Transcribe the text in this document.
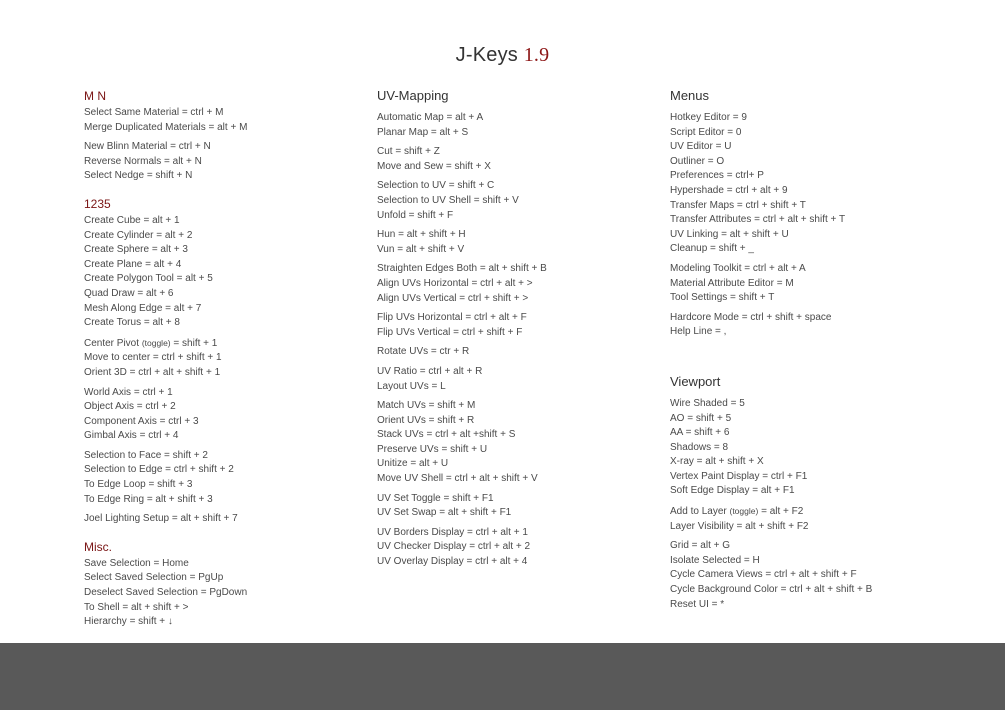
J-Keys 1.9
M N
Select Same Material = ctrl + M
Merge Duplicated Materials = alt + M
New Blinn Material = ctrl + N
Reverse Normals = alt + N
Select Nedge = shift + N
1235
Create Cube = alt + 1
Create Cylinder = alt + 2
Create Sphere = alt + 3
Create Plane = alt + 4
Create Polygon Tool = alt + 5
Quad Draw = alt + 6
Mesh Along Edge = alt + 7
Create Torus = alt + 8
Center Pivot (toggle) = shift + 1
Move to center = ctrl + shift + 1
Orient 3D = ctrl + alt + shift + 1
World Axis = ctrl + 1
Object Axis = ctrl + 2
Component Axis = ctrl + 3
Gimbal Axis = ctrl + 4
Selection to Face = shift + 2
Selection to Edge = ctrl + shift + 2
To Edge Loop = shift + 3
To Edge Ring = alt + shift + 3
Joel Lighting Setup = alt + shift + 7
Misc.
Save Selection = Home
Select Saved Selection = PgUp
Deselect Saved Selection = PgDown
To Shell = alt + shift + >
Hierarchy = shift + ↓
UV-Mapping
Automatic Map = alt + A
Planar Map = alt + S
Cut = shift + Z
Move and Sew = shift + X
Selection to UV = shift + C
Selection to UV Shell = shift + V
Unfold = shift + F
Hun = alt + shift + H
Vun = alt + shift + V
Straighten Edges Both = alt + shift + B
Align UVs Horizontal = ctrl + alt + >
Align UVs Vertical = ctrl + shift + >
Flip UVs Horizontal = ctrl + alt + F
Flip UVs Vertical = ctrl + shift + F
Rotate UVs = ctr + R
UV Ratio = ctrl + alt + R
Layout UVs = L
Match UVs = shift + M
Orient UVs = shift + R
Stack UVs = ctrl + alt +shift + S
Preserve UVs = shift + U
Unitize = alt + U
Move UV Shell = ctrl + alt + shift + V
UV Set Toggle = shift + F1
UV Set Swap = alt + shift + F1
UV Borders Display = ctrl + alt + 1
UV Checker Display = ctrl + alt + 2
UV Overlay Display = ctrl + alt + 4
Menus
Hotkey Editor = 9
Script Editor = 0
UV Editor = U
Outliner = O
Preferences = ctrl+ P
Hypershade = ctrl + alt + 9
Transfer Maps = ctrl + shift + T
Transfer Attributes = ctrl + alt + shift + T
UV Linking = alt + shift + U
Cleanup = shift + _
Modeling Toolkit = ctrl + alt + A
Material Attribute Editor = M
Tool Settings = shift + T
Hardcore Mode = ctrl + shift + space
Help Line = ,
Viewport
Wire Shaded = 5
AO = shift + 5
AA = shift + 6
Shadows = 8
X-ray = alt + shift + X
Vertex Paint Display = ctrl + F1
Soft Edge Display = alt + F1
Add to Layer (toggle) = alt + F2
Layer Visibility = alt + shift + F2
Grid = alt + G
Isolate Selected = H
Cycle Camera Views = ctrl + alt + shift + F
Cycle Background Color = ctrl + alt + shift + B
Reset UI = *
